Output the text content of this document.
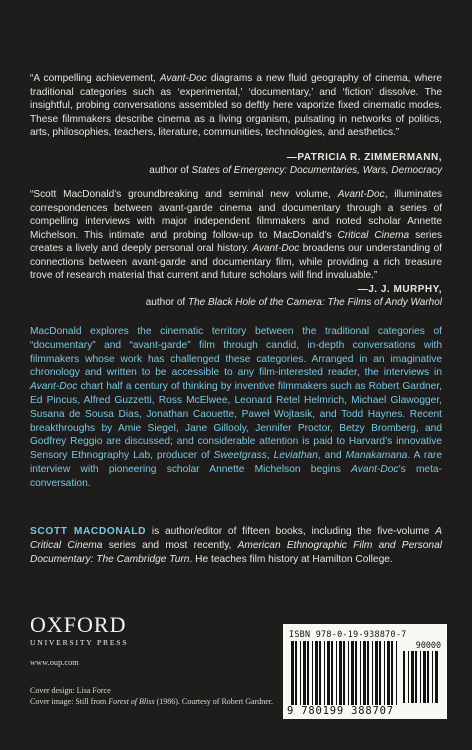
“A compelling achievement, Avant-Doc diagrams a new fluid geography of cinema, where traditional categories such as ‘experimental,’ ‘documentary,’ and ‘fiction’ dissolve. The insightful, probing conversations assembled so deftly here vaporize fixed cinematic modes. These filmmakers describe cinema as a living organism, pulsating in networks of politics, arts, philosophies, teachers, literature, communities, technologies, and aesthetics.”
—PATRICIA R. ZIMMERMANN,
author of States of Emergency: Documentaries, Wars, Democracy
“Scott MacDonald’s groundbreaking and seminal new volume, Avant-Doc, illuminates correspondences between avant-garde cinema and documentary through a series of compelling interviews with major independent filmmakers and noted scholar Annette Michelson. This intimate and probing follow-up to MacDonald’s Critical Cinema series creates a lively and deeply personal oral history. Avant-Doc broadens our understanding of connections between avant-garde and documentary film, while providing a rich treasure trove of research material that current and future scholars will find invaluable.”
—J. J. MURPHY,
author of The Black Hole of the Camera: The Films of Andy Warhol
MacDonald explores the cinematic territory between the traditional categories of “documentary” and “avant-garde” film through candid, in-depth conversations with filmmakers whose work has challenged these categories. Arranged in an imaginative chronology and written to be accessible to any film-interested reader, the interviews in Avant-Doc chart half a century of thinking by inventive filmmakers such as Robert Gardner, Ed Pincus, Alfred Guzzetti, Ross McElwee, Leonard Retel Helmrich, Michael Glawogger, Susana de Sousa Dias, Jonathan Caouette, Paweł Wojtasik, and Todd Haynes. Recent breakthroughs by Amie Siegel, Jane Gillooly, Jennifer Proctor, Betzy Bromberg, and Godfrey Reggio are discussed; and considerable attention is paid to Harvard’s innovative Sensory Ethnography Lab, producer of Sweetgrass, Leviathan, and Manakamana. A rare interview with pioneering scholar Annette Michelson begins Avant-Doc’s meta-conversation.
SCOTT MACDONALD is author/editor of fifteen books, including the five-volume A Critical Cinema series and most recently, American Ethnographic Film and Personal Documentary: The Cambridge Turn. He teaches film history at Hamilton College.
OXFORD
UNIVERSITY PRESS
www.oup.com
Cover design: Lisa Force
Cover image: Still from Forest of Bliss (1986). Courtesy of Robert Gardner.
ISBN 978-0-19-938870-7
90000
9 780199 388707
